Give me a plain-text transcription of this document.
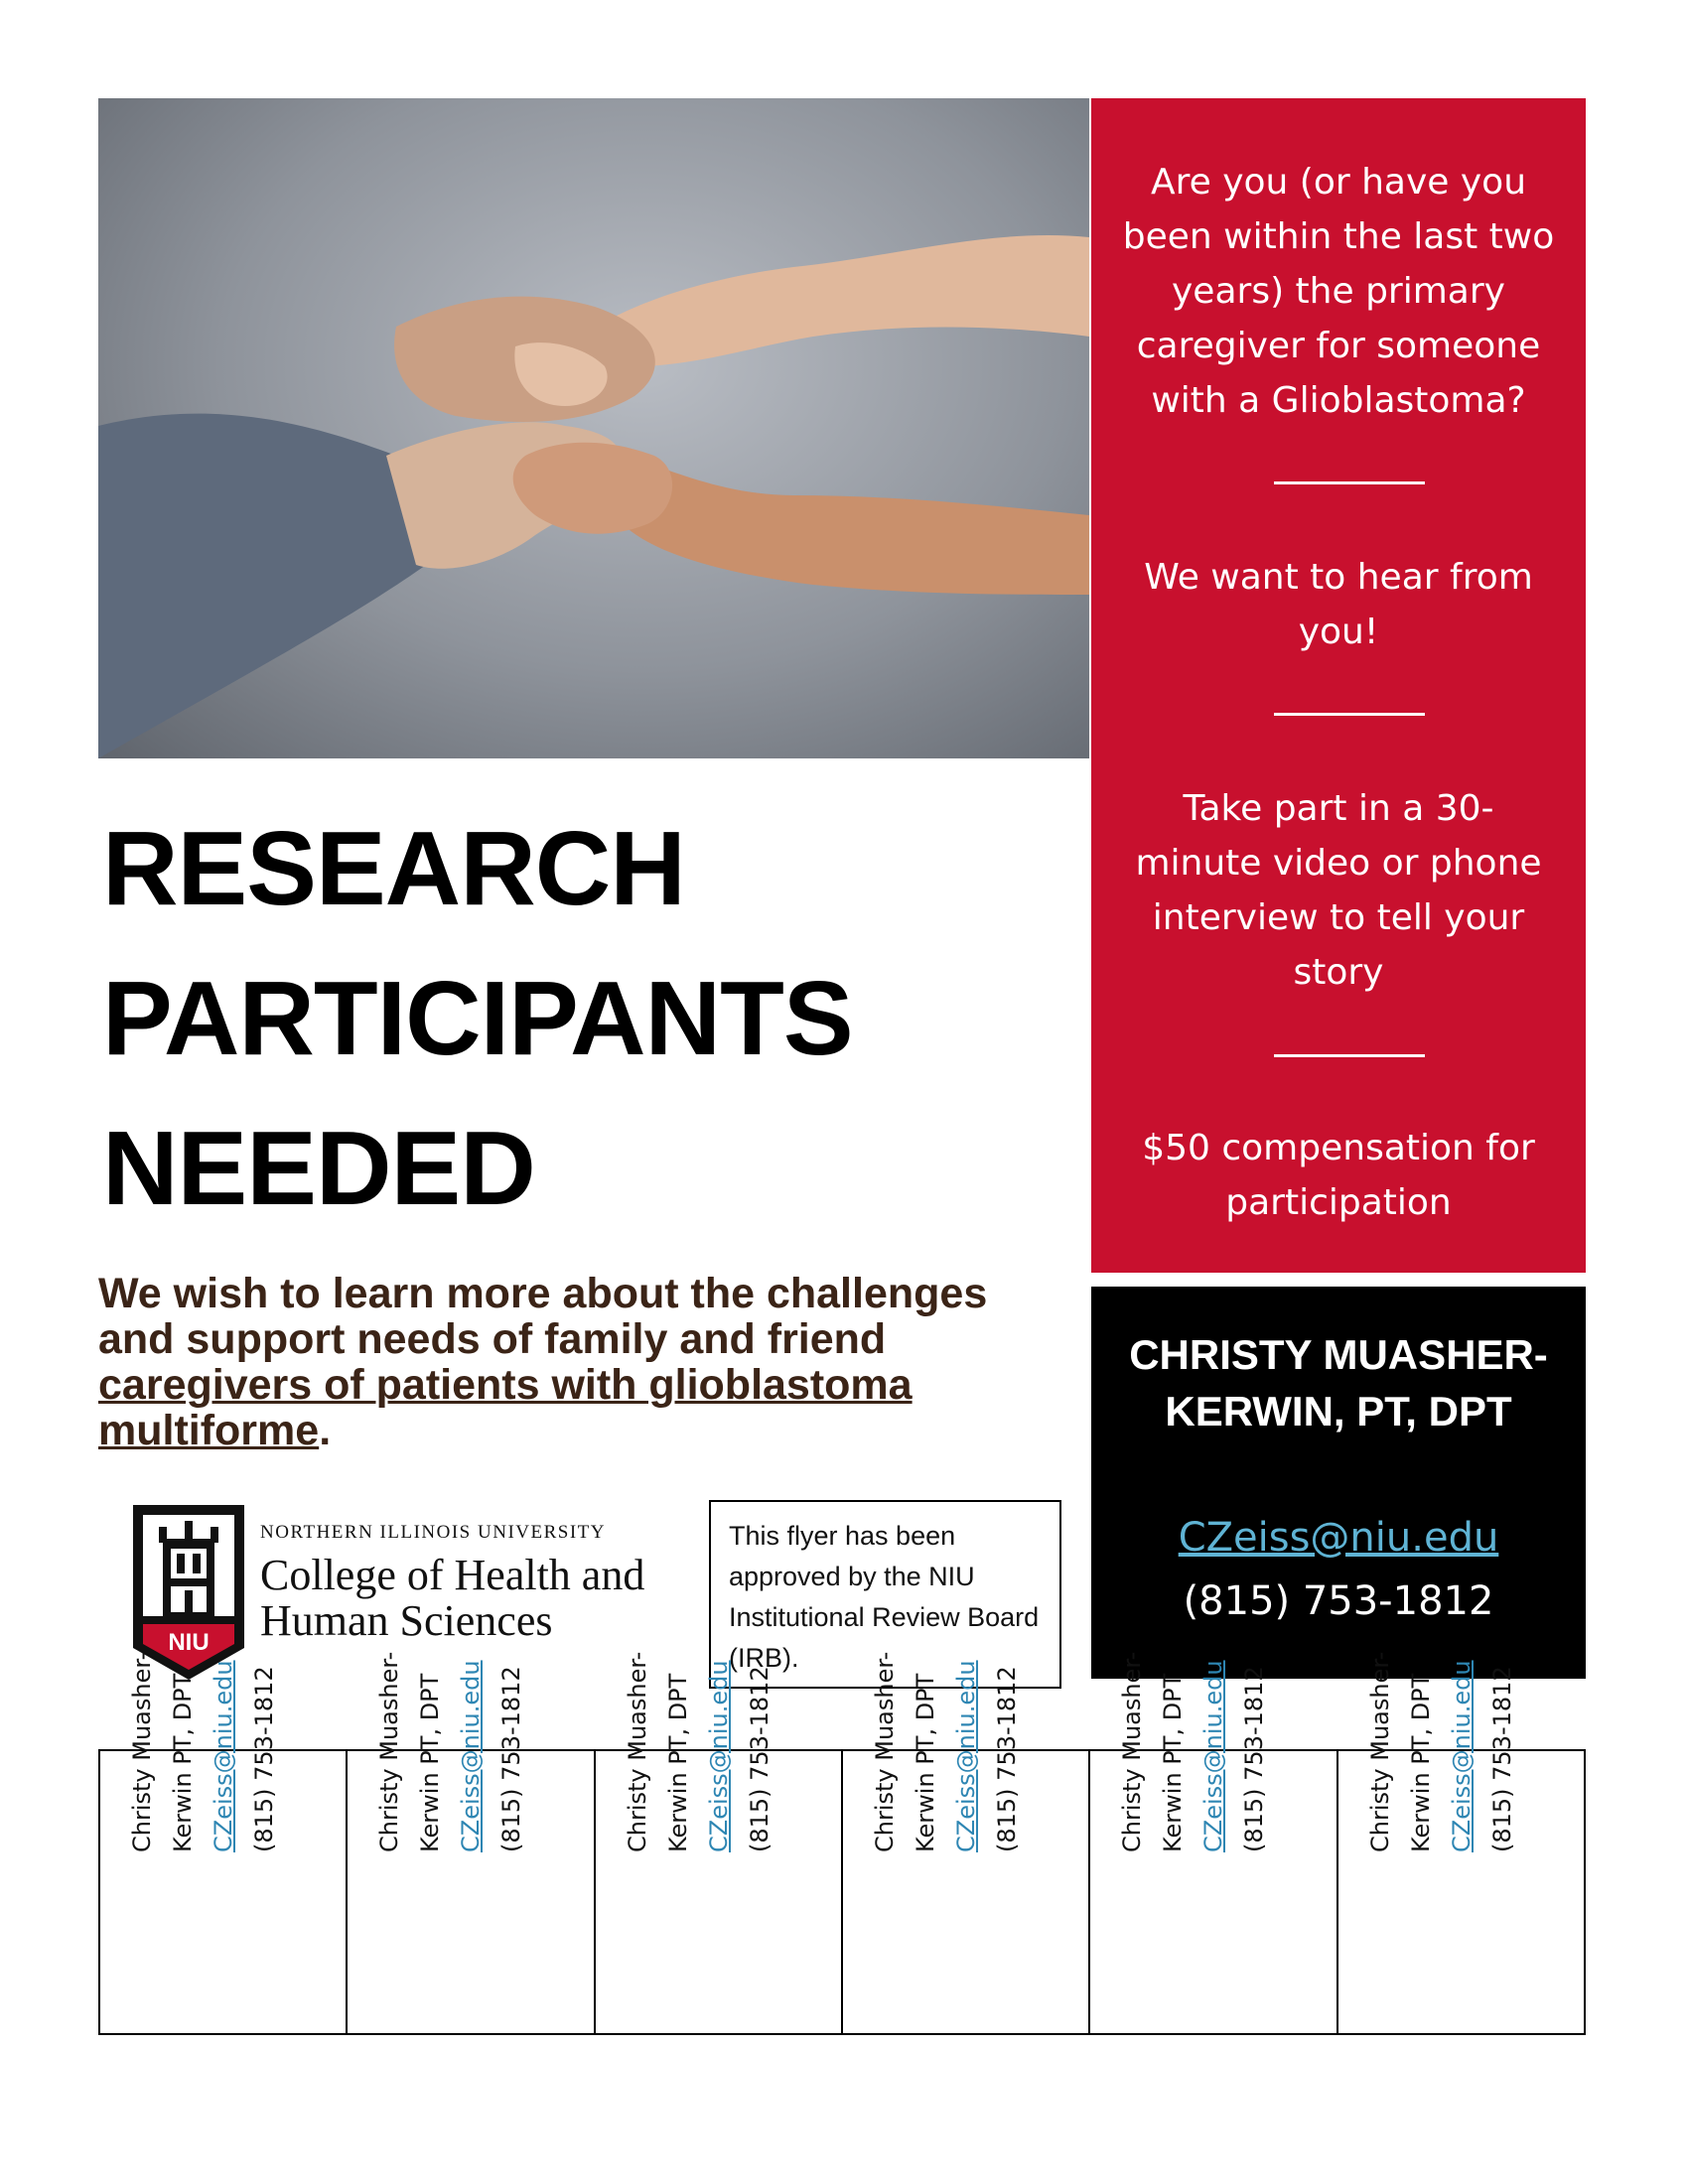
Are you (or have you been within the last two years) the primary caregiver for someone with a Glioblastoma?

We want to hear from you!

Take part in a 30-minute video or phone interview to tell your story

$50 compensation for participation

RESEARCH
PARTICIPANTS
NEEDED

We wish to learn more about the challenges and support needs of family and friend caregivers of patients with glioblastoma multiforme.

NIU
NORTHERN ILLINOIS UNIVERSITY
College of Health and
Human Sciences
This flyer has been approved by the NIU Institutional Review Board (IRB).
CHRISTY MUASHER-
KERWIN, PT, DPT
CZeiss@niu.edu
(815) 753-1812
Christy Muasher- Kerwin PT, DPT CZeiss@niu.edu (815) 753-1812	Christy Muasher- Kerwin PT, DPT CZeiss@niu.edu (815) 753-1812	Christy Muasher- Kerwin PT, DPT CZeiss@niu.edu (815) 753-1812	Christy Muasher- Kerwin PT, DPT CZeiss@niu.edu (815) 753-1812	Christy Muasher- Kerwin PT, DPT CZeiss@niu.edu (815) 753-1812	Christy Muasher- Kerwin PT, DPT CZeiss@niu.edu (815) 753-1812
